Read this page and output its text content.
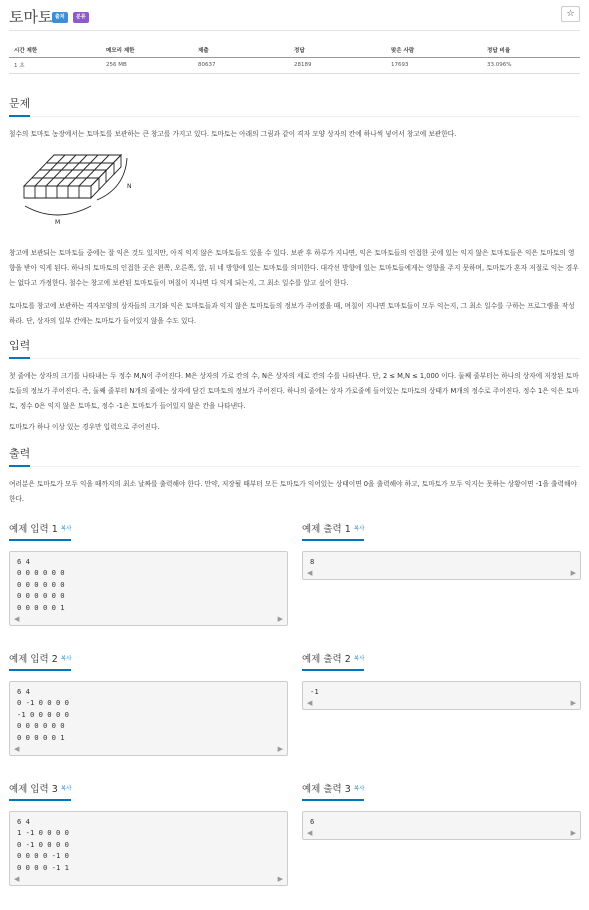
토마토 출처	분류	☆
시간 제한	메모리 제한	제출	정답	맞은 사람	정답 비율
1 초	256 MB	80637	28189	17693	33.096%
문제

철수의 토마토 농장에서는 토마토를 보관하는 큰 창고를 가지고 있다. 토마토는 아래의 그림과 같이 격자 모양 상자의 칸에 하나씩 넣어서 창고에 보관한다.

M
N

창고에 보관되는 토마토들 중에는 잘 익은 것도 있지만, 아직 익지 않은 토마토들도 있을 수 있다. 보관 후 하루가 지나면, 익은 토마토들의 인접한 곳에 있는 익지 않은 토마토들은 익은 토마토의 영향을 받아 익게 된다. 하나의 토마토의 인접한 곳은 왼쪽, 오른쪽, 앞, 뒤 네 방향에 있는 토마토를 의미한다. 대각선 방향에 있는 토마토들에게는 영향을 주지 못하며, 토마토가 혼자 저절로 익는 경우는 없다고 가정한다. 철수는 창고에 보관된 토마토들이 며칠이 지나면 다 익게 되는지, 그 최소 일수를 알고 싶어 한다.

토마토를 창고에 보관하는 격자모양의 상자들의 크기와 익은 토마토들과 익지 않은 토마토들의 정보가 주어졌을 때, 며칠이 지나면 토마토들이 모두 익는지, 그 최소 일수를 구하는 프로그램을 작성하라. 단, 상자의 일부 칸에는 토마토가 들어있지 않을 수도 있다.

입력

첫 줄에는 상자의 크기를 나타내는 두 정수 M,N이 주어진다. M은 상자의 가로 칸의 수, N은 상자의 세로 칸의 수를 나타낸다. 단, 2 ≤ M,N ≤ 1,000 이다. 둘째 줄부터는 하나의 상자에 저장된 토마토들의 정보가 주어진다. 즉, 둘째 줄부터 N개의 줄에는 상자에 담긴 토마토의 정보가 주어진다. 하나의 줄에는 상자 가로줄에 들어있는 토마토의 상태가 M개의 정수로 주어진다. 정수 1은 익은 토마토, 정수 0은 익지 않은 토마토, 정수 -1은 토마토가 들어있지 않은 칸을 나타낸다.

토마토가 하나 이상 있는 경우만 입력으로 주어진다.

출력

여러분은 토마토가 모두 익을 때까지의 최소 날짜를 출력해야 한다. 만약, 저장될 때부터 모든 토마토가 익어있는 상태이면 0을 출력해야 하고, 토마토가 모두 익지는 못하는 상황이면 -1을 출력해야 한다.

예제 입력 1 $^{복사}$
6 4
0 0 0 0 0 0
0 0 0 0 0 0
0 0 0 0 0 0
0 0 0 0 0 1
◀	▶
예제 출력 1 $^{복사}$
8
◀	▶
예제 입력 2 $^{복사}$
6 4
0 -1 0 0 0 0
-1 0 0 0 0 0
0 0 0 0 0 0
0 0 0 0 0 1
◀	▶
예제 출력 2 $^{복사}$
-1
◀	▶
예제 입력 3 $^{복사}$
6 4
1 -1 0 0 0 0
0 -1 0 0 0 0
0 0 0 0 -1 0
0 0 0 0 -1 1
◀	▶
예제 출력 3 $^{복사}$
6
◀	▶
